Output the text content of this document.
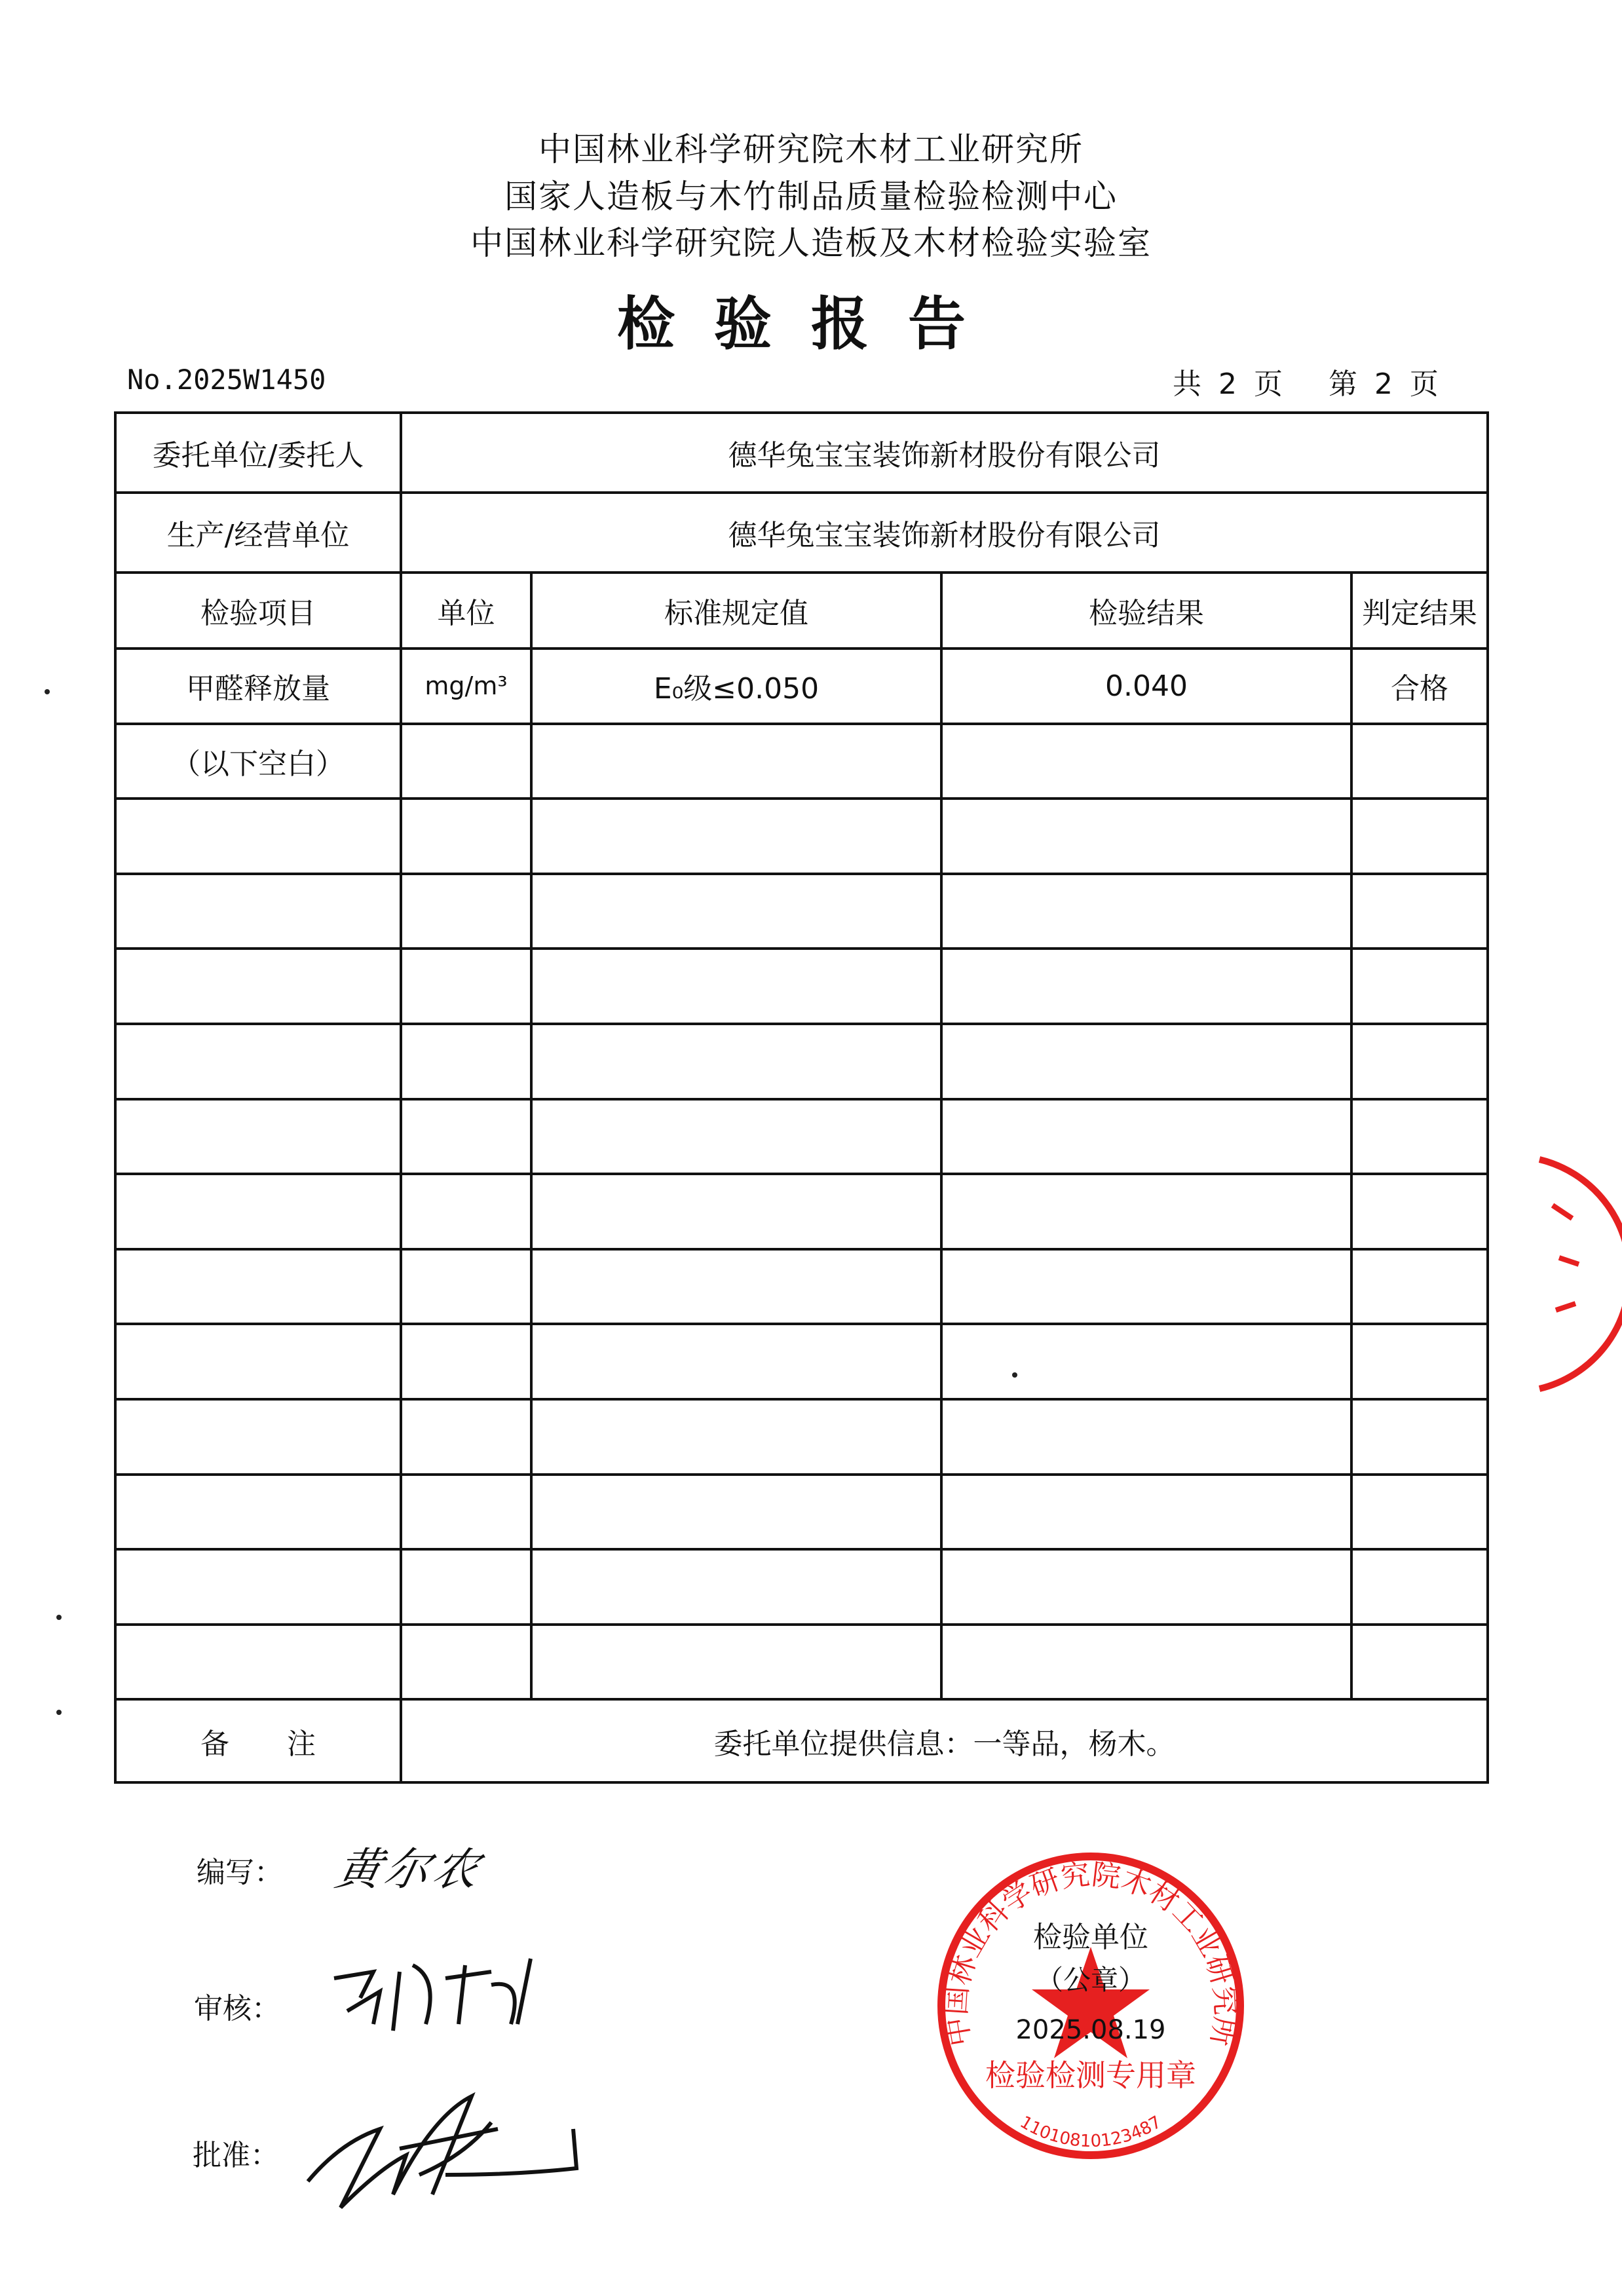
中国林业科学研究院木材工业研究所
国家人造板与木竹制品质量检验检测中心
中国林业科学研究院人造板及木材检验实验室
检验报告
No.2025W1450	共 2 页 第 2 页
委托单位/委托人	德华兔宝宝装饰新材股份有限公司			
生产/经营单位	德华兔宝宝装饰新材股份有限公司			
检验项目	单位	标准规定值	检验结果	判定结果
甲醛释放量	mg/m³	E₀级≤0.050	0.040	合格
（以下空白）				

备　　注	委托单位提供信息：一等品，杨木。			
编写：
审核：
批准：
黄尔农
中国林业科学研究院木材工业研究所
检验单位
（公章）
2025.08.19
检验检测专用章
11010810123487
